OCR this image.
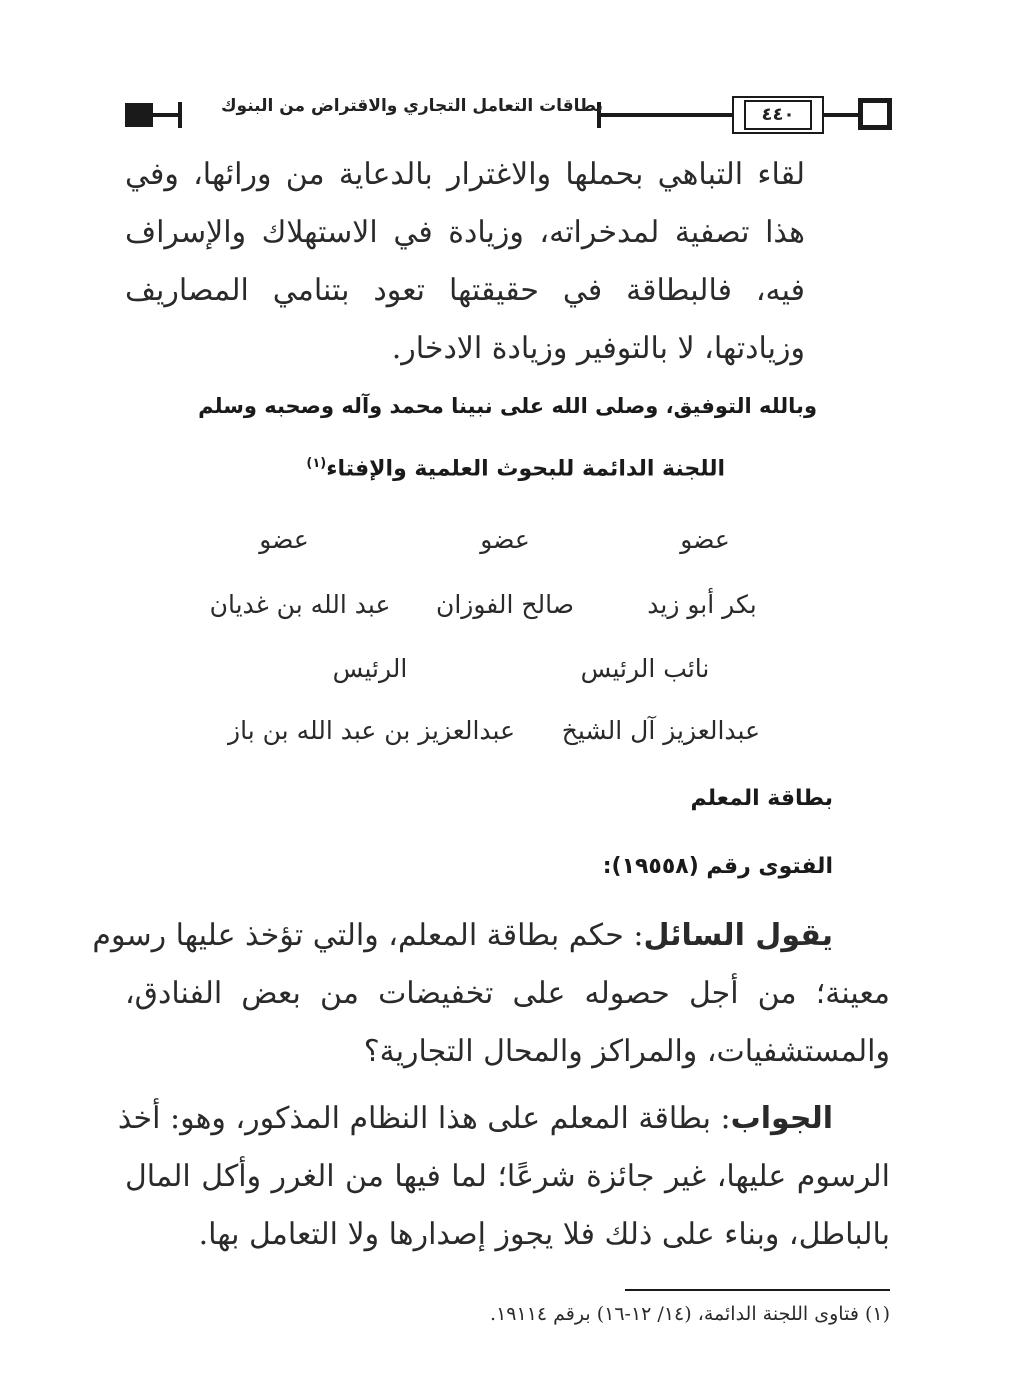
بطاقات التعامل التجاري والاقتراض من البنوك	٤٤٠
لقاء التباهي بحملها والاغترار بالدعاية من ورائها، وفي
هذا تصفية لمدخراته، وزيادة في الاستهلاك والإسراف
فيه، فالبطاقة في حقيقتها تعود بتنامي المصاريف
وزيادتها، لا بالتوفير وزيادة الادخار.
وبالله التوفيق، وصلى الله على نبينا محمد وآله وصحبه وسلم
اللجنة الدائمة للبحوث العلمية والإفتاء$^{(١)}$
عضو
عضو
عضو
بكر أبو زيد
صالح الفوزان
عبد الله بن غديان
نائب الرئيس
الرئيس
عبدالعزيز آل الشيخ
عبدالعزيز بن عبد الله بن باز
بطاقة المعلم
الفتوى رقم (١٩٥٥٨):
يقول السائل: حكم بطاقة المعلم، والتي تؤخذ عليها رسوم
معينة؛ من أجل حصوله على تخفيضات من بعض الفنادق،
والمستشفيات، والمراكز والمحال التجارية؟
الجواب: بطاقة المعلم على هذا النظام المذكور، وهو: أخذ
الرسوم عليها، غير جائزة شرعًا؛ لما فيها من الغرر وأكل المال
بالباطل، وبناء على ذلك فلا يجوز إصدارها ولا التعامل بها.
(١) فتاوى اللجنة الدائمة، (١٤/ ١٢-١٦) برقم ١٩١١٤.
